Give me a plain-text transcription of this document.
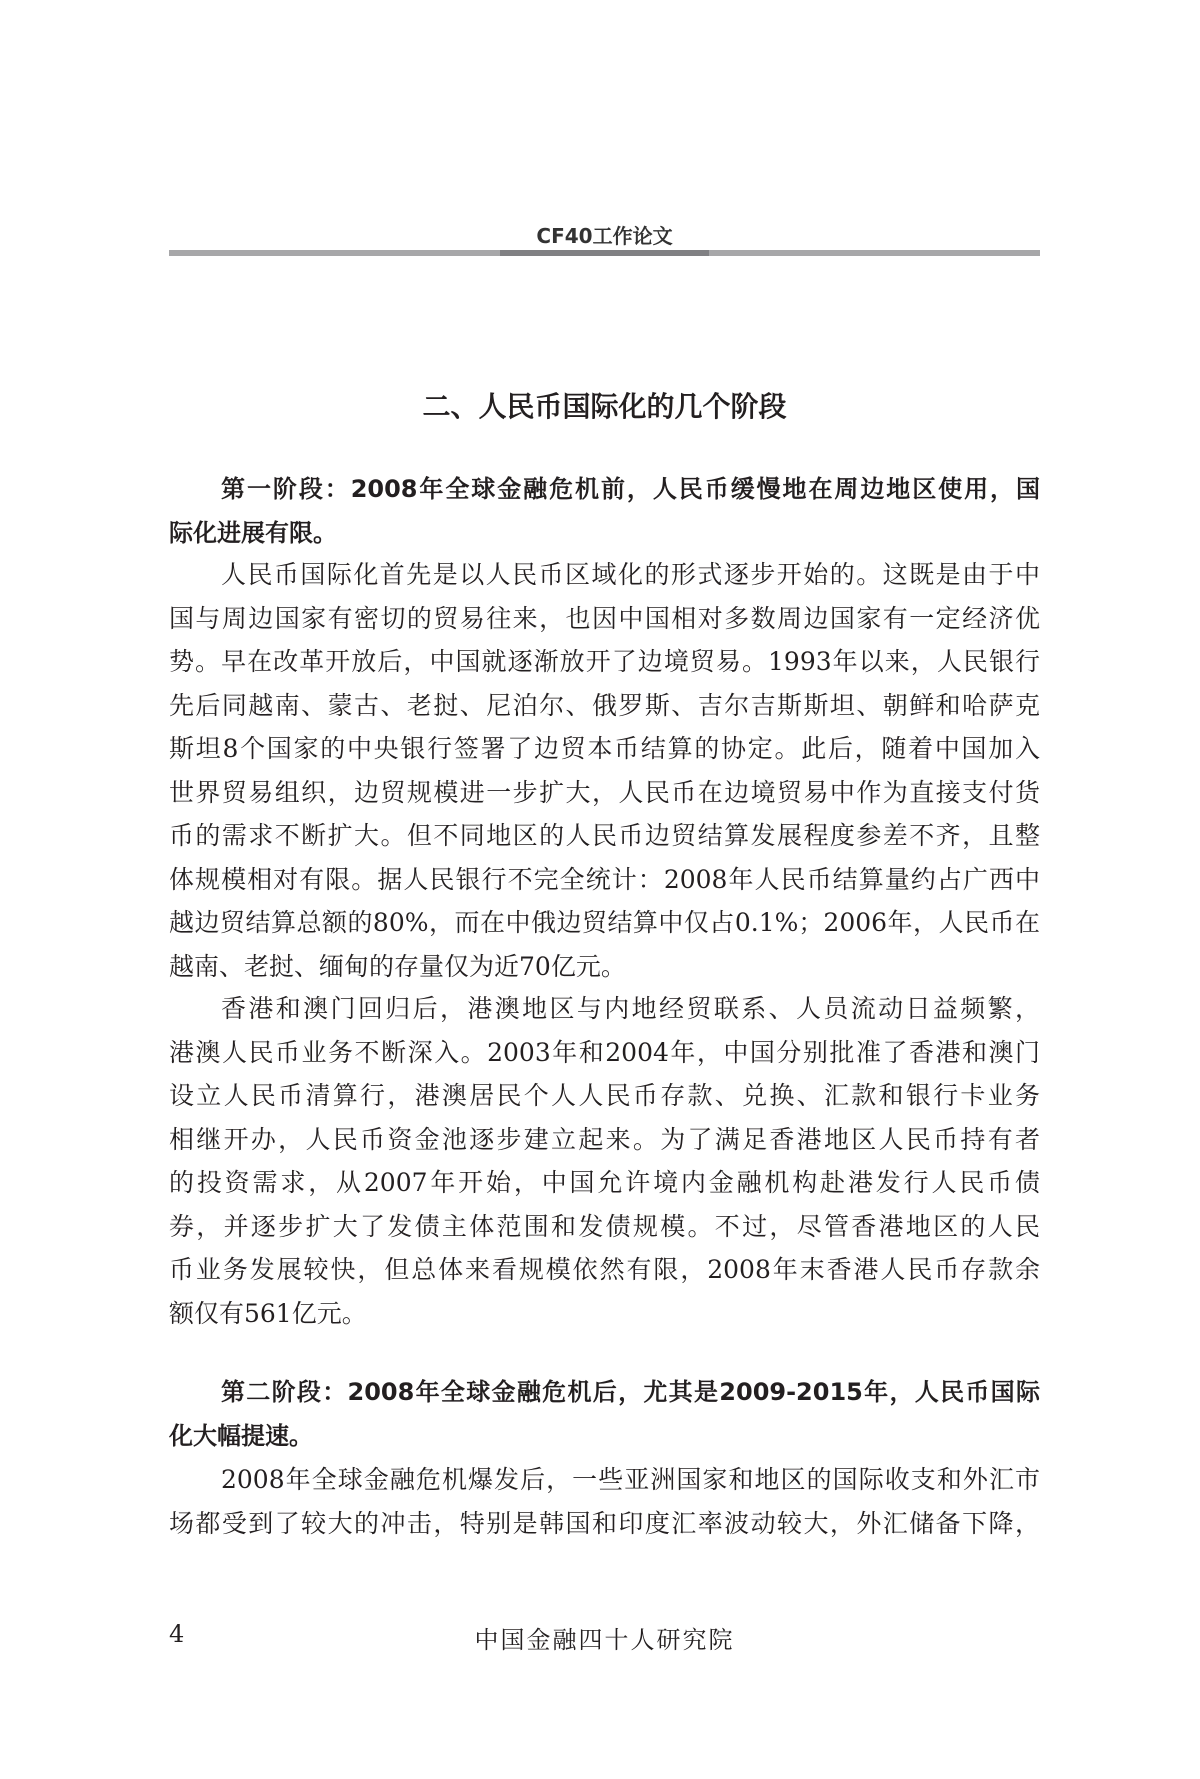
CF40工作论文
二、人民币国际化的几个阶段
第一阶段：2008年全球金融危机前，人民币缓慢地在周边地区使用，国
际化进展有限。
人民币国际化首先是以人民币区域化的形式逐步开始的。这既是由于中
国与周边国家有密切的贸易往来，也因中国相对多数周边国家有一定经济优
势。早在改革开放后，中国就逐渐放开了边境贸易。1993年以来，人民银行
先后同越南、蒙古、老挝、尼泊尔、俄罗斯、吉尔吉斯斯坦、朝鲜和哈萨克
斯坦8个国家的中央银行签署了边贸本币结算的协定。此后，随着中国加入
世界贸易组织，边贸规模进一步扩大，人民币在边境贸易中作为直接支付货
币的需求不断扩大。但不同地区的人民币边贸结算发展程度参差不齐，且整
体规模相对有限。据人民银行不完全统计：2008年人民币结算量约占广西中
越边贸结算总额的80%，而在中俄边贸结算中仅占0.1%；2006年，人民币在
越南、老挝、缅甸的存量仅为近70亿元。
香港和澳门回归后，港澳地区与内地经贸联系、人员流动日益频繁，
港澳人民币业务不断深入。2003年和2004年，中国分别批准了香港和澳门
设立人民币清算行，港澳居民个人人民币存款、兑换、汇款和银行卡业务
相继开办，人民币资金池逐步建立起来。为了满足香港地区人民币持有者
的投资需求，从2007年开始，中国允许境内金融机构赴港发行人民币债
券，并逐步扩大了发债主体范围和发债规模。不过，尽管香港地区的人民
币业务发展较快，但总体来看规模依然有限，2008年末香港人民币存款余
额仅有561亿元。
第二阶段：2008年全球金融危机后，尤其是2009-2015年，人民币国际
化大幅提速。
2008年全球金融危机爆发后，一些亚洲国家和地区的国际收支和外汇市
场都受到了较大的冲击，特别是韩国和印度汇率波动较大，外汇储备下降，
4	中国金融四十人研究院
